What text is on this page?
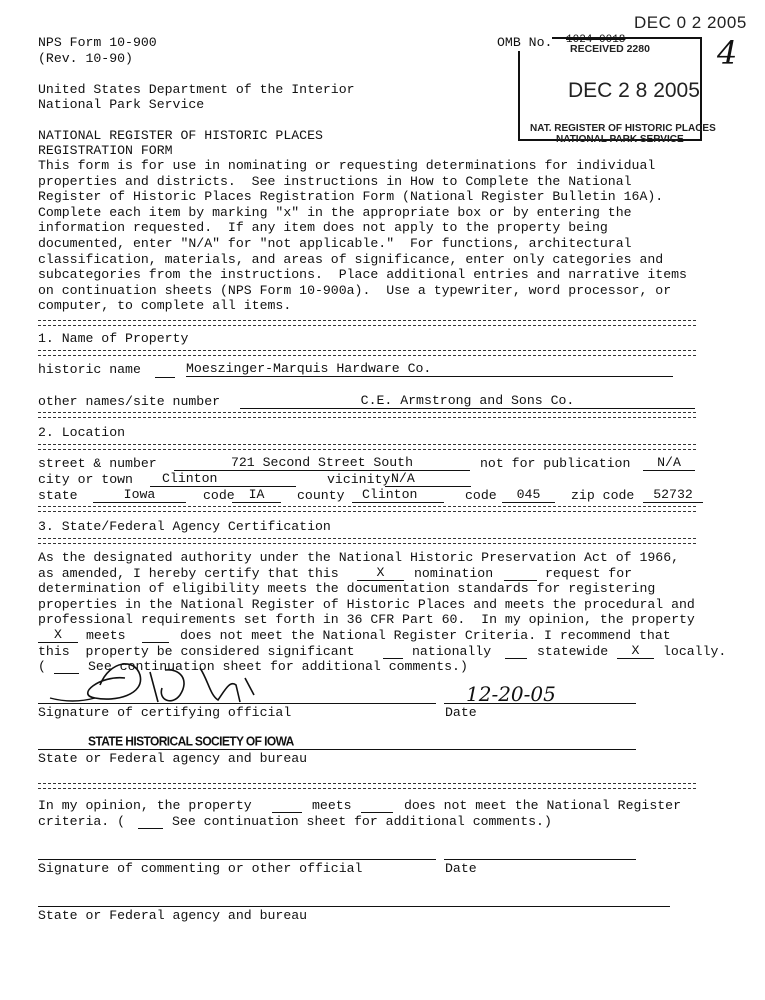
DEC 0 2 2005
4
RECEIVED 2280
DEC 2 8 2005
NAT. REGISTER OF HISTORIC PLACES
NATIONAL PARK SERVICE
NPS Form 10-900
(Rev. 10-90)
OMB No. 1024-0018
United States Department of the Interior
National Park Service
NATIONAL REGISTER OF HISTORIC PLACES
REGISTRATION FORM
This form is for use in nominating or requesting determinations for individual
properties and districts.  See instructions in How to Complete the National
Register of Historic Places Registration Form (National Register Bulletin 16A).
Complete each item by marking "x" in the appropriate box or by entering the
information requested.  If any item does not apply to the property being
documented, enter "N/A" for "not applicable."  For functions, architectural
classification, materials, and areas of significance, enter only categories and
subcategories from the instructions.  Place additional entries and narrative items
on continuation sheets (NPS Form 10-900a).  Use a typewriter, word processor, or
computer, to complete all items.
1. Name of Property
historic name	Moeszinger-Marquis Hardware Co.
other names/site number	C.E. Armstrong and Sons Co.
2. Location
street & number	721 Second Street South	not for publication	N/A
city or town	Clinton	vicinity N/A
state	Iowa	code	IA	county	Clinton	code	045	zip code	52732
3. State/Federal Agency Certification
As the designated authority under the National Historic Preservation Act of 1966,
as amended, I hereby certify that this	X	nomination	request for
determination of eligibility meets the documentation standards for registering
properties in the National Register of Historic Places and meets the procedural and
professional requirements set forth in 36 CFR Part 60.  In my opinion, the property
X	meets	does not meet the National Register Criteria. I recommend that
this  property be considered significant	nationally	statewide	X	locally.
(	See continuation sheet for additional comments.)
12-20-05
Signature of certifying official	Date
STATE HISTORICAL SOCIETY OF IOWA
State or Federal agency and bureau
In my opinion, the property	meets	does not meet the National Register
criteria. (	See continuation sheet for additional comments.)
Signature of commenting or other official	Date
State or Federal agency and bureau
